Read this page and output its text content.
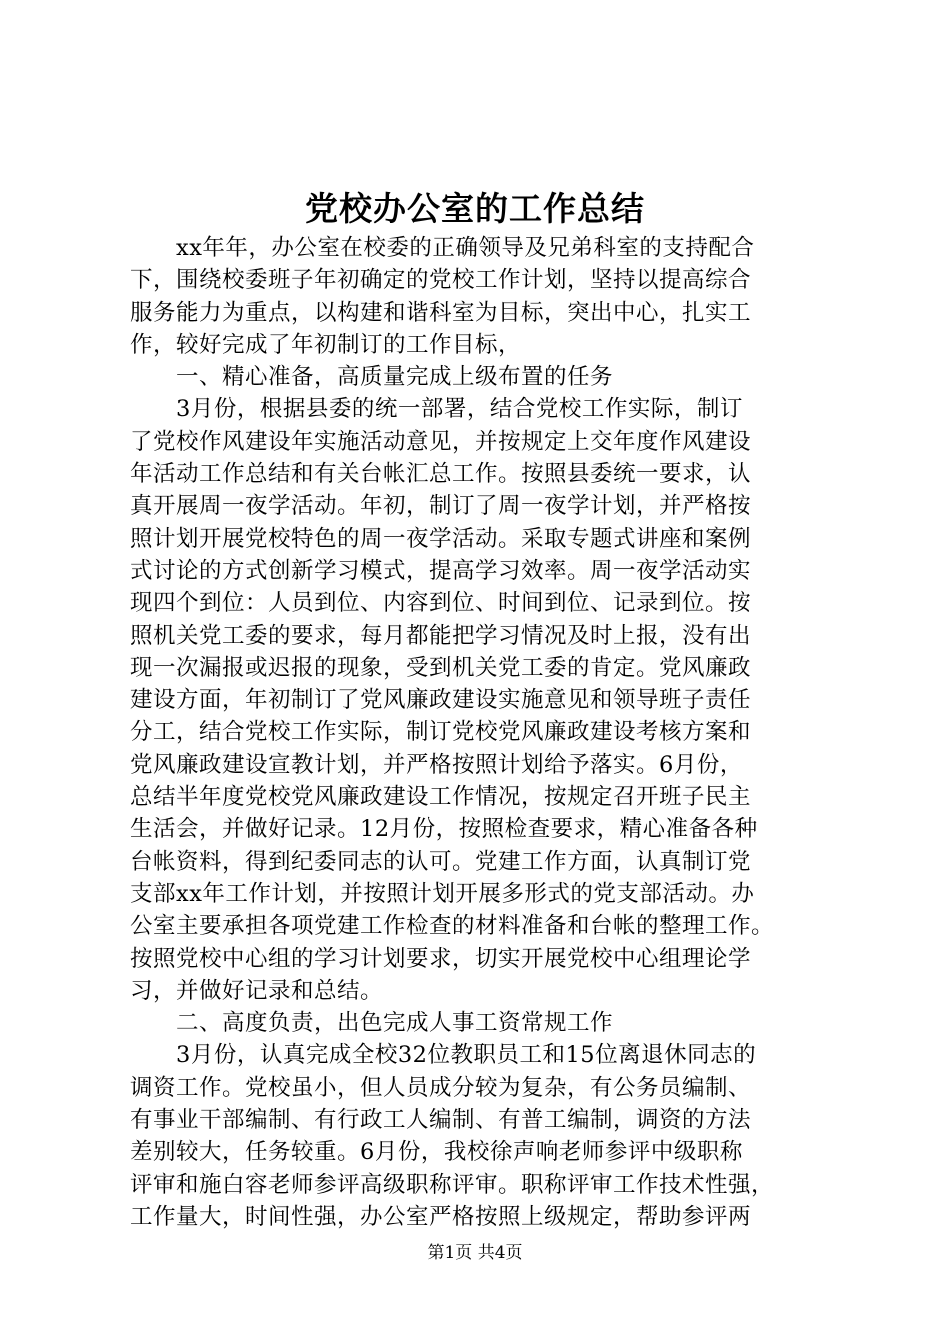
党校办公室的工作总结
　　xx年年，办公室在校委的正确领导及兄弟科室的支持配合
下，围绕校委班子年初确定的党校工作计划，坚持以提高综合
服务能力为重点，以构建和谐科室为目标，突出中心，扎实工
作，较好完成了年初制订的工作目标，
　　一、精心准备，高质量完成上级布置的任务
　　3月份，根据县委的统一部署，结合党校工作实际，制订
了党校作风建设年实施活动意见，并按规定上交年度作风建设
年活动工作总结和有关台帐汇总工作。按照县委统一要求，认
真开展周一夜学活动。年初，制订了周一夜学计划，并严格按
照计划开展党校特色的周一夜学活动。采取专题式讲座和案例
式讨论的方式创新学习模式，提高学习效率。周一夜学活动实
现四个到位：人员到位、内容到位、时间到位、记录到位。按
照机关党工委的要求，每月都能把学习情况及时上报，没有出
现一次漏报或迟报的现象，受到机关党工委的肯定。党风廉政
建设方面，年初制订了党风廉政建设实施意见和领导班子责任
分工，结合党校工作实际，制订党校党风廉政建设考核方案和
党风廉政建设宣教计划，并严格按照计划给予落实。6月份，
总结半年度党校党风廉政建设工作情况，按规定召开班子民主
生活会，并做好记录。12月份，按照检查要求，精心准备各种
台帐资料，得到纪委同志的认可。党建工作方面，认真制订党
支部xx年工作计划，并按照计划开展多形式的党支部活动。办
公室主要承担各项党建工作检查的材料准备和台帐的整理工作。
按照党校中心组的学习计划要求，切实开展党校中心组理论学
习，并做好记录和总结。
　　二、高度负责，出色完成人事工资常规工作
　　3月份，认真完成全校32位教职员工和15位离退休同志的
调资工作。党校虽小，但人员成分较为复杂，有公务员编制、
有事业干部编制、有行政工人编制、有普工编制，调资的方法
差别较大，任务较重。6月份，我校徐声响老师参评中级职称
评审和施白容老师参评高级职称评审。职称评审工作技术性强，
工作量大，时间性强，办公室严格按照上级规定，帮助参评两
第1页 共4页
